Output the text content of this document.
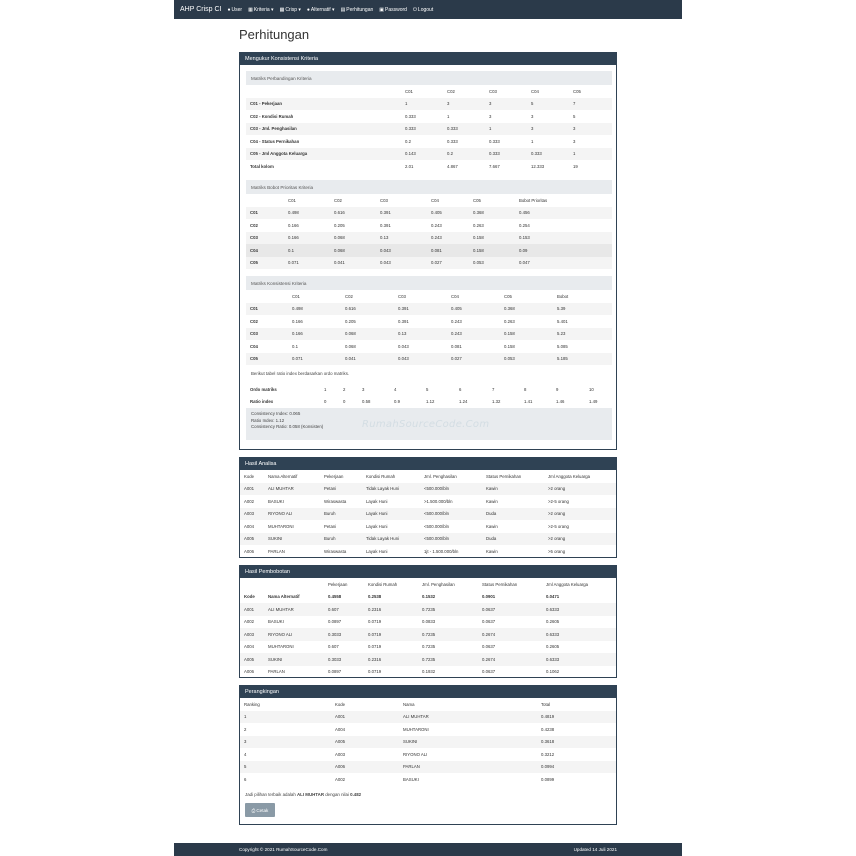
AHP Crisp CI ● User ▦ Kriteria ▾ ▦ Crisp ▾ ● Alternatif ▾ ▤ Perhitungan ▣ Password ⏻ Logout
Perhitungan
Mengukur Konsistensi Kriteria
Matriks Perbandingan Kriteria
	C01	C02	C03	C04	C05
C01 - Pekerjaan	1	3	3	5	7
C02 - Kondisi Rumah	0.333	1	3	3	5
C03 - Jml. Penghasilan	0.333	0.333	1	3	3
C04 - Status Pernikahan	0.2	0.333	0.333	1	3
C05 - Jml Anggota Keluarga	0.143	0.2	0.333	0.333	1
Total kolom	2.01	4.867	7.667	12.333	19
Matriks Bobot Prioritas Kriteria
	C01	C02	C03	C04	C05	Bobot Prioritas
C01	0.498	0.616	0.391	0.405	0.368	0.456
C02	0.166	0.205	0.391	0.243	0.263	0.254
C03	0.166	0.068	0.13	0.243	0.158	0.153
C04	0.1	0.068	0.043	0.081	0.158	0.09
C05	0.071	0.041	0.043	0.027	0.053	0.047
Matriks Konsistensi Kriteria
	C01	C02	C03	C04	C05	Bobot
C01	0.498	0.616	0.391	0.405	0.368	5.39
C02	0.166	0.205	0.391	0.243	0.263	5.401
C03	0.166	0.068	0.13	0.243	0.158	5.23
C04	0.1	0.068	0.043	0.081	0.158	5.085
C05	0.071	0.041	0.043	0.027	0.053	5.185
Berikut tabel ratio index berdasarkan ordo matriks.
Ordo matriks	1	2	3	4	5	6	7	8	9	10
Ratio index	0	0	0.58	0.9	1.12	1.24	1.32	1.41	1.46	1.49
Consistency Index: 0.065
Ratio Index: 1.12
Consistency Ratio: 0.058 (Konsisten)	RumahSourceCode.Com
Hasil Analisa
Kode	Nama Alternatif	Pekerjaan	Kondisi Rumah	Jml. Penghasilan	Status Pernikahan	Jml Anggota Keluarga
A001	ALI MUHTAR	Petani	Tidak Layak Huni	<500.000/bln	Kawin	>2 orang
A002	BASUKI	Wiraswasta	Layak Huni	>1.500.000/bln	Kawin	>2-5 orang
A003	RIYONO ALI	Buruh	Layak Huni	<500.000/bln	Duda	>2 orang
A004	MUHTARONI	Petani	Layak Huni	<500.000/bln	Kawin	>2-5 orang
A005	SUKINI	Buruh	Tidak Layak Huni	<500.000/bln	Duda	>2 orang
A006	PARLAN	Wiraswasta	Layak Huni	1jt - 1.500.000/bln	Kawin	>5 orang
Hasil Pembobotan
		Pekerjaan	Kondisi Rumah	Jml. Penghasilan	Status Pernikahan	Jml Anggota Keluarga
Kode	Nama Alternatif	0.4558	0.2538	0.1532	0.0901	0.0471
A001	ALI MUHTAR	0.607	0.2316	0.7235	0.0637	0.6333
A002	BASUKI	0.0897	0.0719	0.0833	0.0637	0.2605
A003	RIYONO ALI	0.3033	0.0719	0.7235	0.2674	0.6333
A004	MUHTARONI	0.607	0.0719	0.7235	0.0637	0.2605
A005	SUKINI	0.3033	0.2316	0.7235	0.2674	0.6333
A006	PARLAN	0.0897	0.0719	0.1932	0.0637	0.1062
Perangkingan
Ranking	Kode	Nama	Total
1	A001	ALI MUHTAR	0.4819
2	A004	MUHTARONI	0.4238
3	A005	SUKINI	0.3618
4	A003	RIYONO ALI	0.3212
5	A006	PARLAN	0.0994
6	A002	BASUKI	0.0899
Jadi pilihan terbaik adalah ALI MUHTAR dengan nilai 0.482
⎙ Cetak
Copyright © 2021 RumahSourceCode.Com	Updated 14 Juli 2021
